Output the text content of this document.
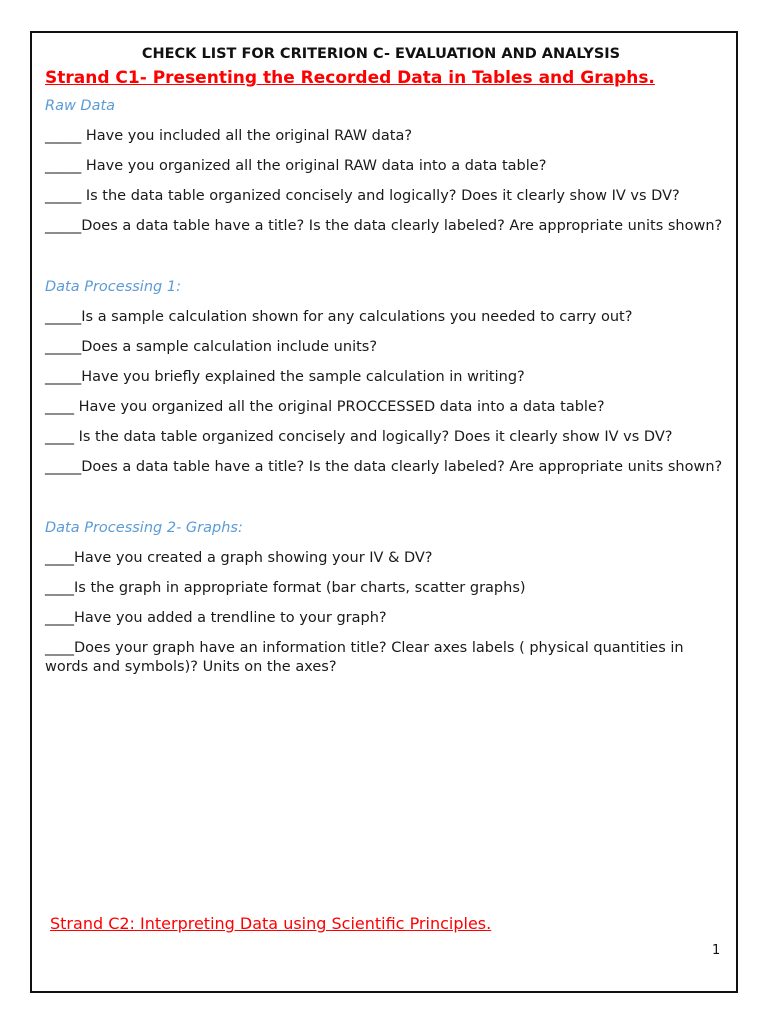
CHECK LIST FOR CRITERION C- EVALUATION AND ANALYSIS
Strand C1- Presenting the Recorded Data in Tables and Graphs.
Raw Data

_____ Have you included all the original RAW data?

_____ Have you organized all the original RAW data into a data table?

_____ Is the data table organized concisely and logically? Does it clearly show IV vs DV?

_____Does a data table have a title? Is the data clearly labeled? Are appropriate units shown?

Data Processing 1:

_____Is a sample calculation shown for any calculations you needed to carry out?

_____Does a sample calculation include units?

_____Have you briefly explained the sample calculation in writing?

____ Have you organized all the original PROCCESSED data into a data table?

____ Is the data table organized concisely and logically? Does it clearly show IV vs DV?

_____Does a data table have a title? Is the data clearly labeled? Are appropriate units shown?

Data Processing 2- Graphs:

____Have you created a graph showing your IV & DV?

____Is the graph in appropriate format (bar charts, scatter graphs)

____Have you added a trendline to your graph?

____Does your graph have an information title? Clear axes labels ( physical quantities in words and symbols)? Units on the axes?

Strand C2: Interpreting Data using Scientific Principles.
1
